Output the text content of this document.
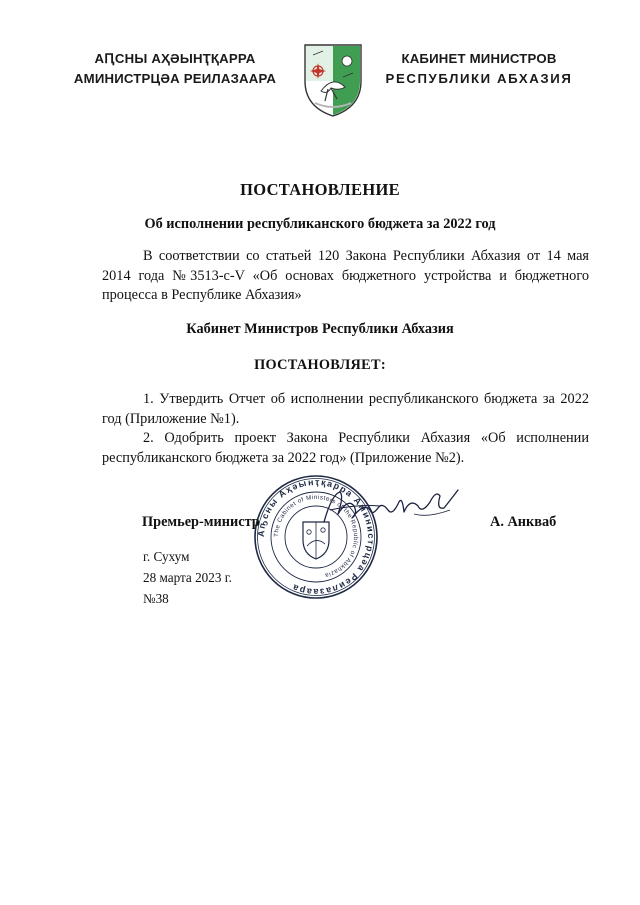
АԤСНЫ АҲӘЫНҬҚАРРА
АМИНИСТРЦӘА РЕИЛАЗААРА
КАБИНЕТ МИНИСТРОВ
РЕСПУБЛИКИ АБХАЗИЯ
ПОСТАНОВЛЕНИЕ
Об исполнении республиканского бюджета за 2022 год

В соответствии со статьей 120 Закона Республики Абхазия от 14 мая 2014 года №3513-с-V «Об основах бюджетного устройства и бюджетного процесса в Республике Абхазия»

Кабинет Министров Республики Абхазия
ПОСТАНОВЛЯЕТ:

1. Утвердить Отчет об исполнении республиканского бюджета за 2022 год (Приложение №1).

2. Одобрить проект Закона Республики Абхазия «Об исполнении республиканского бюджета за 2022 год» (Приложение №2).

Аҧсны Аҳәынҭқарра Аминистрцәа Реилазаара
The Cabinet of Ministers of the Republic of Abkhazia
Премьер-министр	А. Анкваб
г. Сухум
28 марта 2023 г.
№38
